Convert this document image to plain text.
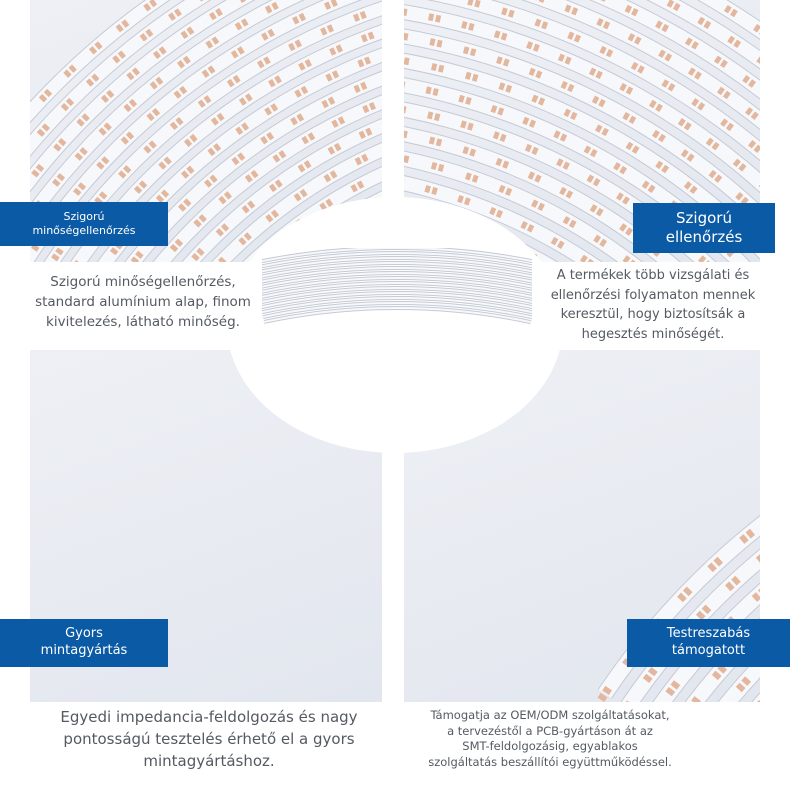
Szigorú
minőségellenőrzés
Szigorú
ellenőrzés
Gyors
mintagyártás
Testreszabás
támogatott
Szigorú minőségellenőrzés,
standard alumínium alap, finom
kivitelezés, látható minőség.
A termékek több vizsgálati és
ellenőrzési folyamaton mennek
keresztül, hogy biztosítsák a
hegesztés minőségét.
Egyedi impedancia-feldolgozás és nagy
pontosságú tesztelés érhető el a gyors
mintagyártáshoz.
Támogatja az OEM/ODM szolgáltatásokat,
a tervezéstől a PCB-gyártáson át az
SMT-feldolgozásig, egyablakos
szolgáltatás beszállítói együttműködéssel.
